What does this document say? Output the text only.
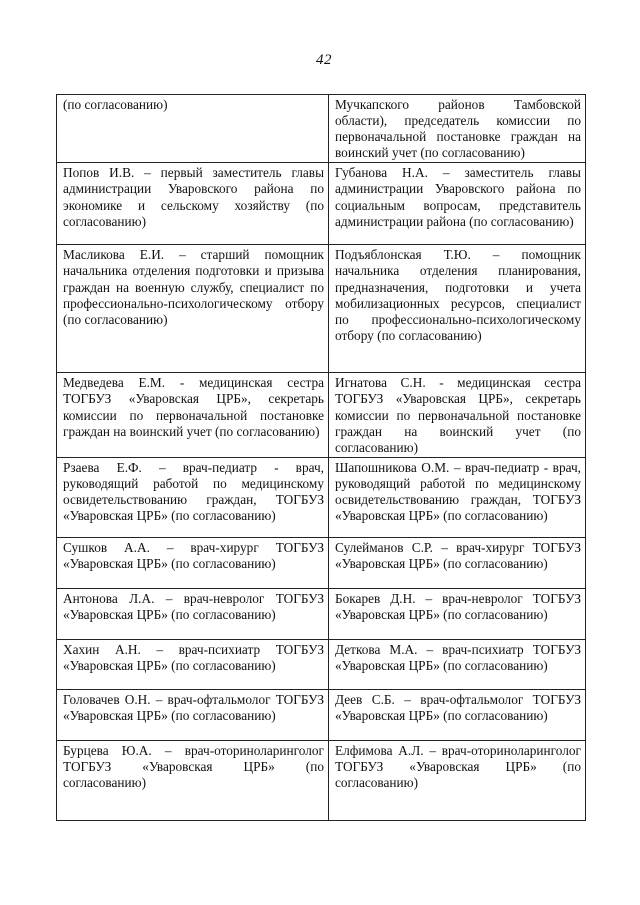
42
(по согласованию)	Мучкапского районов Тамбовской области), председатель комиссии по первоначальной постановке граждан на воинский учет (по согласованию)

Попов И.В. – первый заместитель главы администрации Уваровского района по экономике и сельскому хозяйству (по согласованию)	Губанова Н.А. – заместитель главы администрации Уваровского района по социальным вопросам, представитель администрации района (по согласованию)

Масликова Е.И. – старший помощник начальника отделения подготовки и призыва граждан на военную службу, специалист по профессионально-психологическому отбору (по согласованию)	Подъяблонская Т.Ю. – помощник начальника отделения планирования, предназначения, подготовки и учета мобилизационных ресурсов, специалист по профессионально-психологическому отбору (по согласованию)

Медведева Е.М. - медицинская сестра ТОГБУЗ «Уваровская ЦРБ», секретарь комиссии по первоначальной постановке граждан на воинский учет (по согласованию)	Игнатова С.Н. - медицинская сестра ТОГБУЗ «Уваровская ЦРБ», секретарь комиссии по первоначальной постановке граждан на воинский учет (по согласованию)

Рзаева Е.Ф. – врач-педиатр - врач, руководящий работой по медицинскому освидетельствованию граждан, ТОГБУЗ «Уваровская ЦРБ» (по согласованию)	Шапошникова О.М. – врач-педиатр - врач, руководящий работой по медицинскому освидетельствованию граждан, ТОГБУЗ «Уваровская ЦРБ» (по согласованию)

Сушков А.А. – врач-хирург ТОГБУЗ «Уваровская ЦРБ» (по согласованию)	Сулейманов С.Р. – врач-хирург ТОГБУЗ «Уваровская ЦРБ» (по согласованию)

Антонова Л.А. – врач-невролог ТОГБУЗ «Уваровская ЦРБ» (по согласованию)	Бокарев Д.Н. – врач-невролог ТОГБУЗ «Уваровская ЦРБ» (по согласованию)

Хахин А.Н. – врач-психиатр ТОГБУЗ «Уваровская ЦРБ» (по согласованию)	Деткова М.А. – врач-психиатр ТОГБУЗ «Уваровская ЦРБ» (по согласованию)

Головачев О.Н. – врач-офтальмолог ТОГБУЗ «Уваровская ЦРБ» (по согласованию)	Деев С.Б. – врач-офтальмолог ТОГБУЗ «Уваровская ЦРБ» (по согласованию)

Бурцева Ю.А. – врач-оториноларинголог ТОГБУЗ «Уваровская ЦРБ» (по согласованию)	Елфимова А.Л. – врач-оториноларинголог ТОГБУЗ «Уваровская ЦРБ» (по согласованию)
